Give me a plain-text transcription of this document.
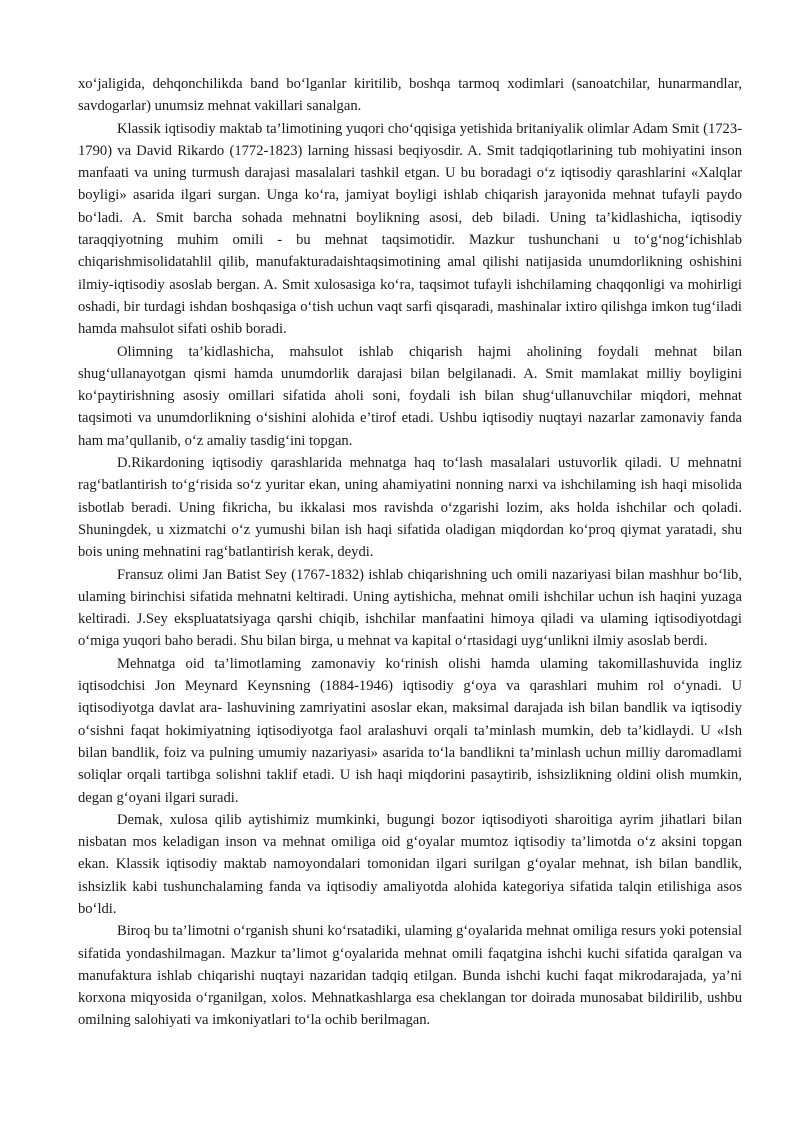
xo‘jaligida, dehqonchilikda band bo‘lganlar kiritilib, boshqa tarmoq xodimlari (sanoatchilar, hunarmandlar, savdogarlar) unumsiz mehnat vakillari sanalgan.

Klassik iqtisodiy maktab ta’limotining yuqori cho‘qqisiga yetishida britaniyalik olimlar Adam Smit (1723-1790) va David Rikardo (1772-1823) larning hissasi beqiyosdir. A. Smit tadqiqotlarining tub mohiyatini inson manfaati va uning turmush darajasi masalalari tashkil etgan. U bu boradagi o‘z iqtisodiy qarashlarini «Xalqlar boyligi» asarida ilgari surgan. Unga ko‘ra, jamiyat boyligi ishlab chiqarish jarayonida mehnat tufayli paydo bo‘ladi. A. Smit barcha sohada mehnatni boylikning asosi, deb biladi. Uning ta’kidlashicha, iqtisodiy taraqqiyotning muhim omili - bu mehnat taqsimotidir. Mazkur tushunchani u to‘g‘nog‘ichishlab chiqarishmisolidatahlil qilib, manufakturadaishtaqsimotining amal qilishi natijasida unumdorlikning oshishini ilmiy-iqtisodiy asoslab bergan. A. Smit xulosasiga ko‘ra, taqsimot tufayli ishchilaming chaqqonligi va mohirligi oshadi, bir turdagi ishdan boshqasiga o‘tish uchun vaqt sarfi qisqaradi, mashinalar ixtiro qilishga imkon tug‘iladi hamda mahsulot sifati oshib boradi.

Olimning ta’kidlashicha, mahsulot ishlab chiqarish hajmi aholining foydali mehnat bilan shug‘ullanayotgan qismi hamda unumdorlik darajasi bilan belgilanadi. A. Smit mamlakat milliy boyligini ko‘paytirishning asosiy omillari sifatida aholi soni, foydali ish bilan shug‘ullanuvchilar miqdori, mehnat taqsimoti va unumdorlikning o‘sishini alohida e’tirof etadi. Ushbu iqtisodiy nuqtayi nazarlar zamonaviy fanda ham ma’qullanib, o‘z amaliy tasdig‘ini topgan.

D.Rikardoning iqtisodiy qarashlarida mehnatga haq to‘lash masalalari ustuvorlik qiladi. U mehnatni rag‘batlantirish to‘g‘risida so‘z yuritar ekan, uning ahamiyatini nonning narxi va ishchilaming ish haqi misolida isbotlab beradi. Uning fikricha, bu ikkalasi mos ravishda o‘zgarishi lozim, aks holda ishchilar och qoladi. Shuningdek, u xizmatchi o‘z yumushi bilan ish haqi sifatida oladigan miqdordan ko‘proq qiymat yaratadi, shu bois uning mehnatini rag‘batlantirish kerak, deydi.

Fransuz olimi Jan Batist Sey (1767-1832) ishlab chiqarishning uch omili nazariyasi bilan mashhur bo‘lib, ulaming birinchisi sifatida mehnatni keltiradi. Uning aytishicha, mehnat omili ishchilar uchun ish haqini yuzaga keltiradi. J.Sey ekspluatatsiyaga qarshi chiqib, ishchilar manfaatini himoya qiladi va ulaming iqtisodiyotdagi o‘miga yuqori baho beradi. Shu bilan birga, u mehnat va kapital o‘rtasidagi uyg‘unlikni ilmiy asoslab berdi.

Mehnatga oid ta’limotlaming zamonaviy ko‘rinish olishi hamda ulaming takomillashuvida ingliz iqtisodchisi Jon Meynard Keynsning (1884-1946) iqtisodiy g‘oya va qarashlari muhim rol o‘ynadi. U iqtisodiyotga davlat ara- lashuvining zamriyatini asoslar ekan, maksimal darajada ish bilan bandlik va iqtisodiy o‘sishni faqat hokimiyatning iqtisodiyotga faol aralashuvi orqali ta’minlash mumkin, deb ta’kidlaydi. U «Ish bilan bandlik, foiz va pulning umumiy nazariyasi» asarida to‘la bandlikni ta’minlash uchun milliy daromadlami soliqlar orqali tartibga solishni taklif etadi. U ish haqi miqdorini pasaytirib, ishsizlikning oldini olish mumkin, degan g‘oyani ilgari suradi.

Demak, xulosa qilib aytishimiz mumkinki, bugungi bozor iqtisodiyoti sharoitiga ayrim jihatlari bilan nisbatan mos keladigan inson va mehnat omiliga oid g‘oyalar mumtoz iqtisodiy ta’limotda o‘z aksini topgan ekan. Klassik iqtisodiy maktab namoyondalari tomonidan ilgari surilgan g‘oyalar mehnat, ish bilan bandlik, ishsizlik kabi tushunchalaming fanda va iqtisodiy amaliyotda alohida kategoriya sifatida talqin etilishiga asos bo‘ldi.

Biroq bu ta’limotni o‘rganish shuni ko‘rsatadiki, ulaming g‘oyalarida mehnat omiliga resurs yoki potensial sifatida yondashilmagan. Mazkur ta’limot g‘oyalarida mehnat omili faqatgina ishchi kuchi sifatida qaralgan va manufaktura ishlab chiqarishi nuqtayi nazaridan tadqiq etilgan. Bunda ishchi kuchi faqat mikrodarajada, ya’ni korxona miqyosida o‘rganilgan, xolos. Mehnatkashlarga esa cheklangan tor doirada munosabat bildirilib, ushbu omilning salohiyati va imkoniyatlari to‘la ochib berilmagan.
